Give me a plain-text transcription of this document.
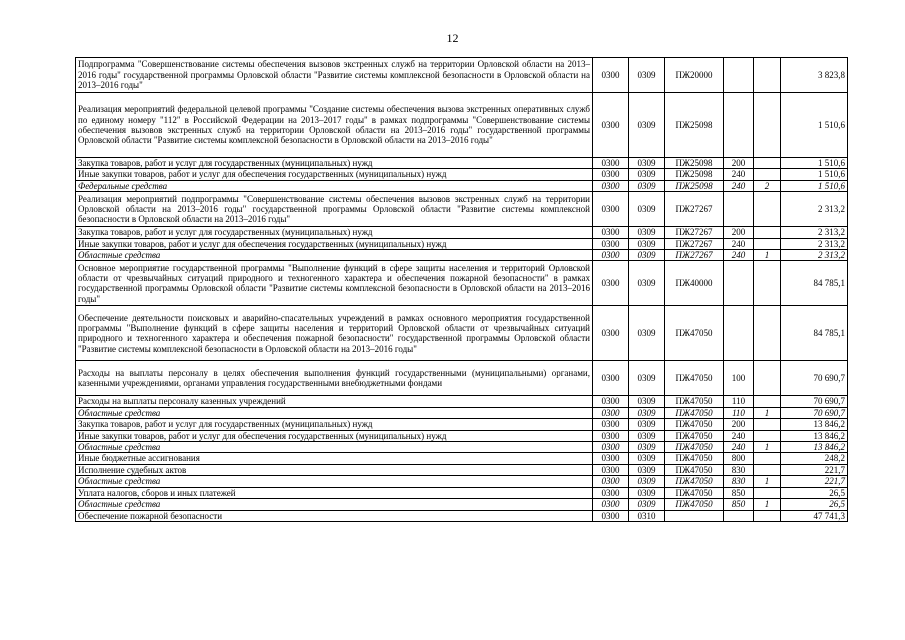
12
Подпрограмма "Совершенствование системы обеспечения вызовов экстренных служб на территории Орловской области на 2013–2016 годы" государственной программы Орловской области "Развитие системы комплексной безопасности в Орловской области на 2013–2016 годы"	0300	0309	ПЖ20000			3 823,8
Реализация мероприятий федеральной целевой программы "Создание системы обеспечения вызова экстренных оперативных служб по единому номеру "112" в Российской Федерации на 2013–2017 годы" в рамках подпрограммы "Совершенствование системы обеспечения вызовов экстренных служб на территории Орловской области на 2013–2016 годы" государственной программы Орловской области "Развитие системы комплексной безопасности в Орловской области на 2013–2016 годы"	0300	0309	ПЖ25098			1 510,6
Закупка товаров, работ и услуг для государственных (муниципальных) нужд	0300	0309	ПЖ25098	200		1 510,6
Иные закупки товаров, работ и услуг для обеспечения государственных (муниципальных) нужд	0300	0309	ПЖ25098	240		1 510,6
Федеральные средства	0300	0309	ПЖ25098	240	2	1 510,6
Реализация мероприятий подпрограммы "Совершенствование системы обеспечения вызовов экстренных служб на территории Орловской области на 2013–2016 годы" государственной программы Орловской области "Развитие системы комплексной безопасности в Орловской области на 2013–2016 годы"	0300	0309	ПЖ27267			2 313,2
Закупка товаров, работ и услуг для государственных (муниципальных) нужд	0300	0309	ПЖ27267	200		2 313,2
Иные закупки товаров, работ и услуг для обеспечения государственных (муниципальных) нужд	0300	0309	ПЖ27267	240		2 313,2
Областные средства	0300	0309	ПЖ27267	240	1	2 313,2
Основное мероприятие государственной программы "Выполнение функций в сфере защиты населения и территорий Орловской области от чрезвычайных ситуаций природного и техногенного характера и обеспечения пожарной безопасности" в рамках государственной программы Орловской области "Развитие системы комплексной безопасности в Орловской области на 2013–2016 годы"	0300	0309	ПЖ40000			84 785,1
Обеспечение деятельности поисковых и аварийно-спасательных учреждений в рамках основного мероприятия государственной программы "Выполнение функций в сфере защиты населения и территорий Орловской области от чрезвычайных ситуаций природного и техногенного характера и обеспечения пожарной безопасности" государственной программы Орловской области "Развитие системы комплексной безопасности в Орловской области на 2013–2016 годы"	0300	0309	ПЖ47050			84 785,1
Расходы на выплаты персоналу в целях обеспечения выполнения функций государственными (муниципальными) органами, казенными учреждениями, органами управления государственными внебюджетными фондами	0300	0309	ПЖ47050	100		70 690,7
Расходы на выплаты персоналу казенных учреждений	0300	0309	ПЖ47050	110		70 690,7
Областные средства	0300	0309	ПЖ47050	110	1	70 690,7
Закупка товаров, работ и услуг для государственных (муниципальных) нужд	0300	0309	ПЖ47050	200		13 846,2
Иные закупки товаров, работ и услуг для обеспечения государственных (муниципальных) нужд	0300	0309	ПЖ47050	240		13 846,2
Областные средства	0300	0309	ПЖ47050	240	1	13 846,2
Иные бюджетные ассигнования	0300	0309	ПЖ47050	800		248,2
Исполнение судебных актов	0300	0309	ПЖ47050	830		221,7
Областные средства	0300	0309	ПЖ47050	830	1	221,7
Уплата налогов, сборов и иных платежей	0300	0309	ПЖ47050	850		26,5
Областные средства	0300	0309	ПЖ47050	850	1	26,5
Обеспечение пожарной безопасности	0300	0310				47 741,3
